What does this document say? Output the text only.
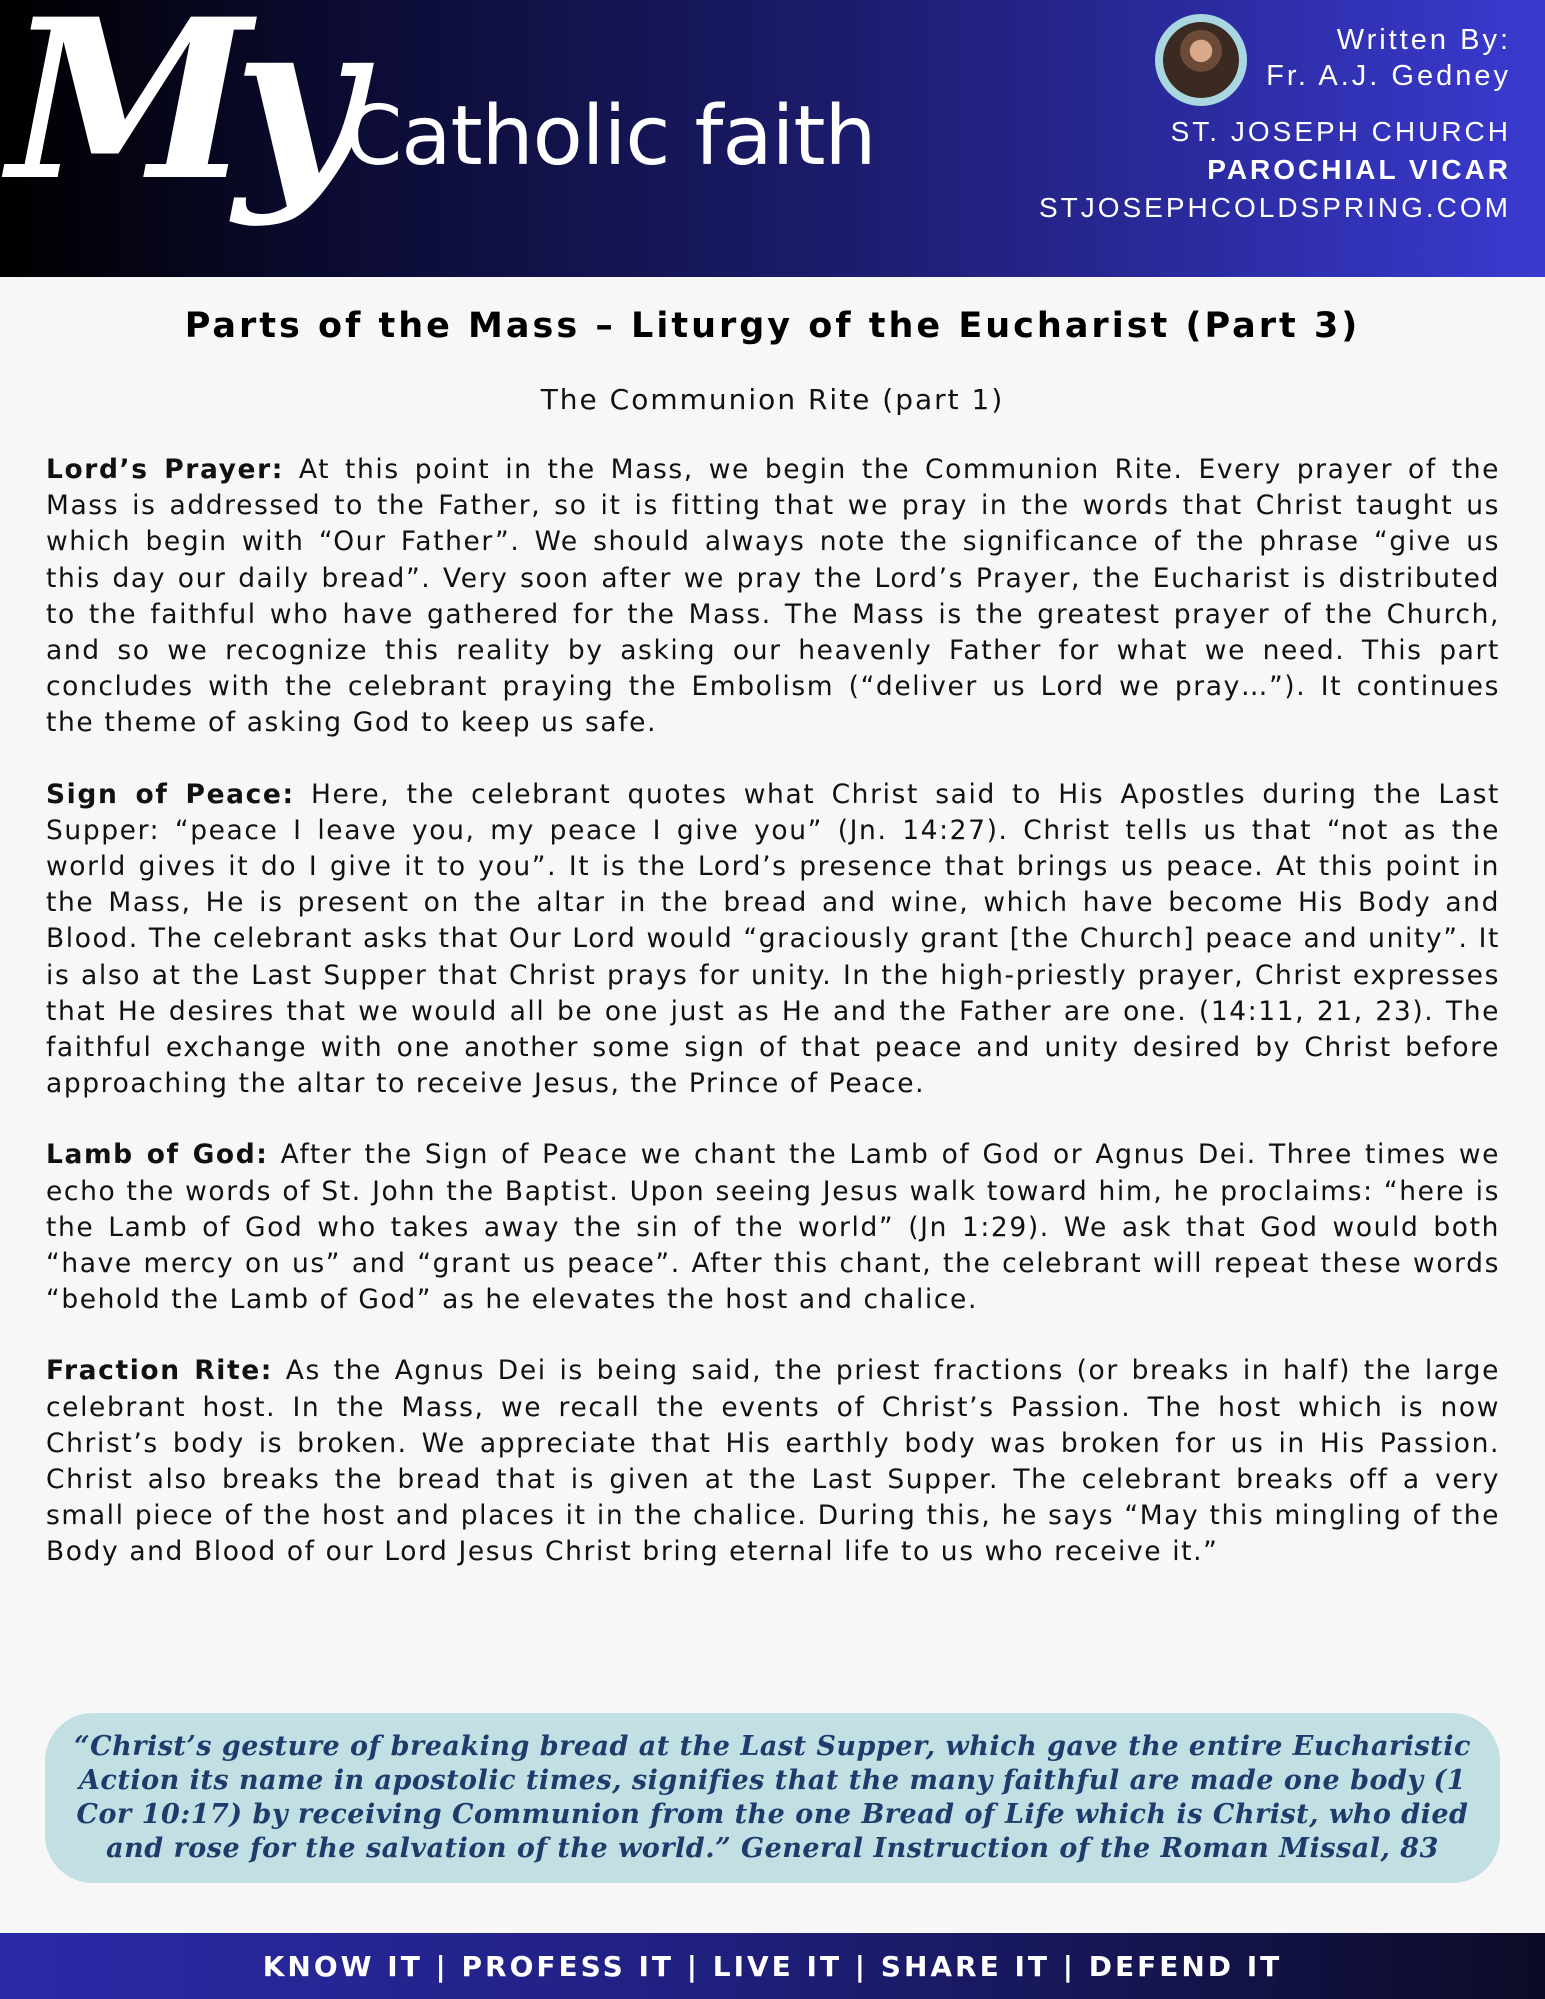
My Catholic faith
Written By:
Fr. A.J. Gedney
ST. JOSEPH CHURCH
PAROCHIAL VICAR
STJOSEPHCOLDSPRING.COM
Parts of the Mass – Liturgy of the Eucharist (Part 3)
The Communion Rite (part 1)

Lord’s Prayer: At this point in the Mass, we begin the Communion Rite. Every prayer of the Mass is addressed to the Father, so it is fitting that we pray in the words that Christ taught us which begin with “Our Father”. We should always note the significance of the phrase “give us this day our daily bread”. Very soon after we pray the Lord’s Prayer, the Eucharist is distributed to the faithful who have gathered for the Mass. The Mass is the greatest prayer of the Church, and so we recognize this reality by asking our heavenly Father for what we need. This part concludes with the celebrant praying the Embolism (“deliver us Lord we pray…”). It continues the theme of asking God to keep us safe.

Sign of Peace: Here, the celebrant quotes what Christ said to His Apostles during the Last Supper: “peace I leave you, my peace I give you” (Jn. 14:27). Christ tells us that “not as the world gives it do I give it to you”. It is the Lord’s presence that brings us peace. At this point in the Mass, He is present on the altar in the bread and wine, which have become His Body and Blood. The celebrant asks that Our Lord would “graciously grant [the Church] peace and unity”. It is also at the Last Supper that Christ prays for unity. In the high-priestly prayer, Christ expresses that He desires that we would all be one just as He and the Father are one. (14:11, 21, 23). The faithful exchange with one another some sign of that peace and unity desired by Christ before approaching the altar to receive Jesus, the Prince of Peace.

Lamb of God: After the Sign of Peace we chant the Lamb of God or Agnus Dei. Three times we echo the words of St. John the Baptist. Upon seeing Jesus walk toward him, he proclaims: “here is the Lamb of God who takes away the sin of the world” (Jn 1:29). We ask that God would both “have mercy on us” and “grant us peace”. After this chant, the celebrant will repeat these words “behold the Lamb of God” as he elevates the host and chalice.

Fraction Rite: As the Agnus Dei is being said, the priest fractions (or breaks in half) the large celebrant host. In the Mass, we recall the events of Christ’s Passion. The host which is now Christ’s body is broken. We appreciate that His earthly body was broken for us in His Passion. Christ also breaks the bread that is given at the Last Supper. The celebrant breaks off a very small piece of the host and places it in the chalice. During this, he says “May this mingling of the Body and Blood of our Lord Jesus Christ bring eternal life to us who receive it.”

“Christ’s gesture of breaking bread at the Last Supper, which gave the entire Eucharistic Action its name in apostolic times, signifies that the many faithful are made one body (1 Cor 10:17) by receiving Communion from the one Bread of Life which is Christ, who died and rose for the salvation of the world.” General Instruction of the Roman Missal, 83
KNOW IT | PROFESS IT | LIVE IT | SHARE IT | DEFEND IT
